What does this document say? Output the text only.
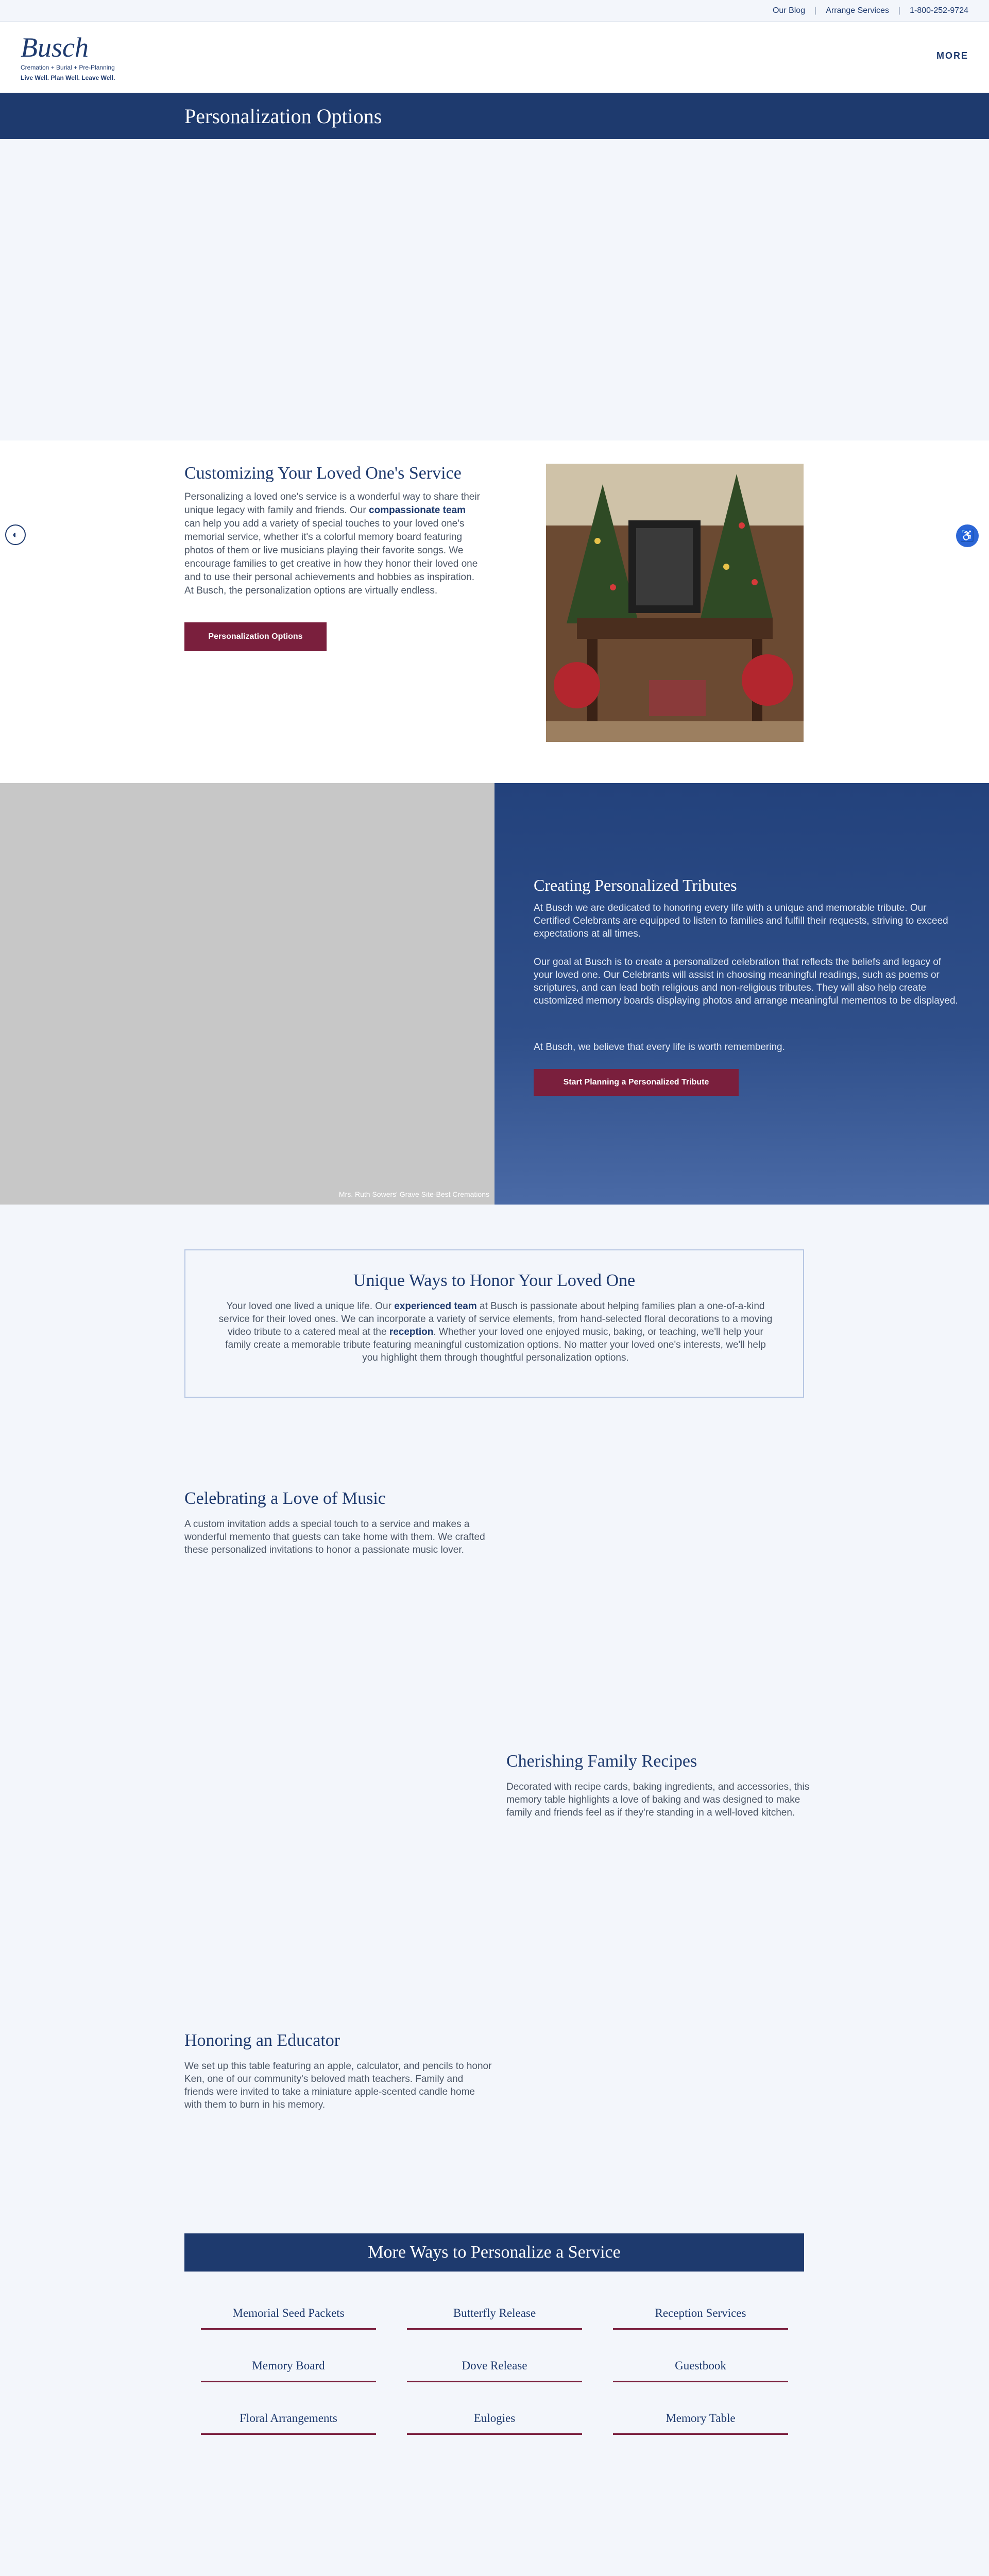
Our Blog | Arrange Services | 1-800-252-9724
Busch
Cremation + Burial + Pre-Planning
Live Well. Plan Well. Leave Well.
MORE
Personalization Options
Customizing Your Loved One's Service

Personalizing a loved one's service is a wonderful way to share their unique legacy with family and friends. Our compassionate team can help you add a variety of special touches to your loved one's memorial service, whether it's a colorful memory board featuring photos of them or live musicians playing their favorite songs. We encourage families to get creative in how they honor their loved one and to use their personal achievements and hobbies as inspiration. At Busch, the personalization options are virtually endless.

Personalization Options
◐	♿
Mrs. Ruth Sowers' Grave Site-Best Cremations
Creating Personalized Tributes

At Busch we are dedicated to honoring every life with a unique and memorable tribute. Our Certified Celebrants are equipped to listen to families and fulfill their requests, striving to exceed expectations at all times.

Our goal at Busch is to create a personalized celebration that reflects the beliefs and legacy of your loved one. Our Celebrants will assist in choosing meaningful readings, such as poems or scriptures, and can lead both religious and non-religious tributes. They will also help create customized memory boards displaying photos and arrange meaningful mementos to be displayed.

At Busch, we believe that every life is worth remembering.

Start Planning a Personalized Tribute
Unique Ways to Honor Your Loved One

Your loved one lived a unique life. Our experienced team at Busch is passionate about helping families plan a one-of-a-kind service for their loved ones. We can incorporate a variety of service elements, from hand-selected floral decorations to a moving video tribute to a catered meal at the reception. Whether your loved one enjoyed music, baking, or teaching, we'll help your family create a memorable tribute featuring meaningful customization options. No matter your loved one's interests, we'll help you highlight them through thoughtful personalization options.

Celebrating a Love of Music

A custom invitation adds a special touch to a service and makes a wonderful memento that guests can take home with them. We crafted these personalized invitations to honor a passionate music lover.

Cherishing Family Recipes

Decorated with recipe cards, baking ingredients, and accessories, this memory table highlights a love of baking and was designed to make family and friends feel as if they're standing in a well-loved kitchen.

Honoring an Educator

We set up this table featuring an apple, calculator, and pencils to honor Ken, one of our community's beloved math teachers. Family and friends were invited to take a miniature apple-scented candle home with them to burn in his memory.

More Ways to Personalize a Service
Memorial Seed Packets	Butterfly Release	Reception Services
Memory Board	Dove Release	Guestbook
Floral Arrangements	Eulogies	Memory Table
